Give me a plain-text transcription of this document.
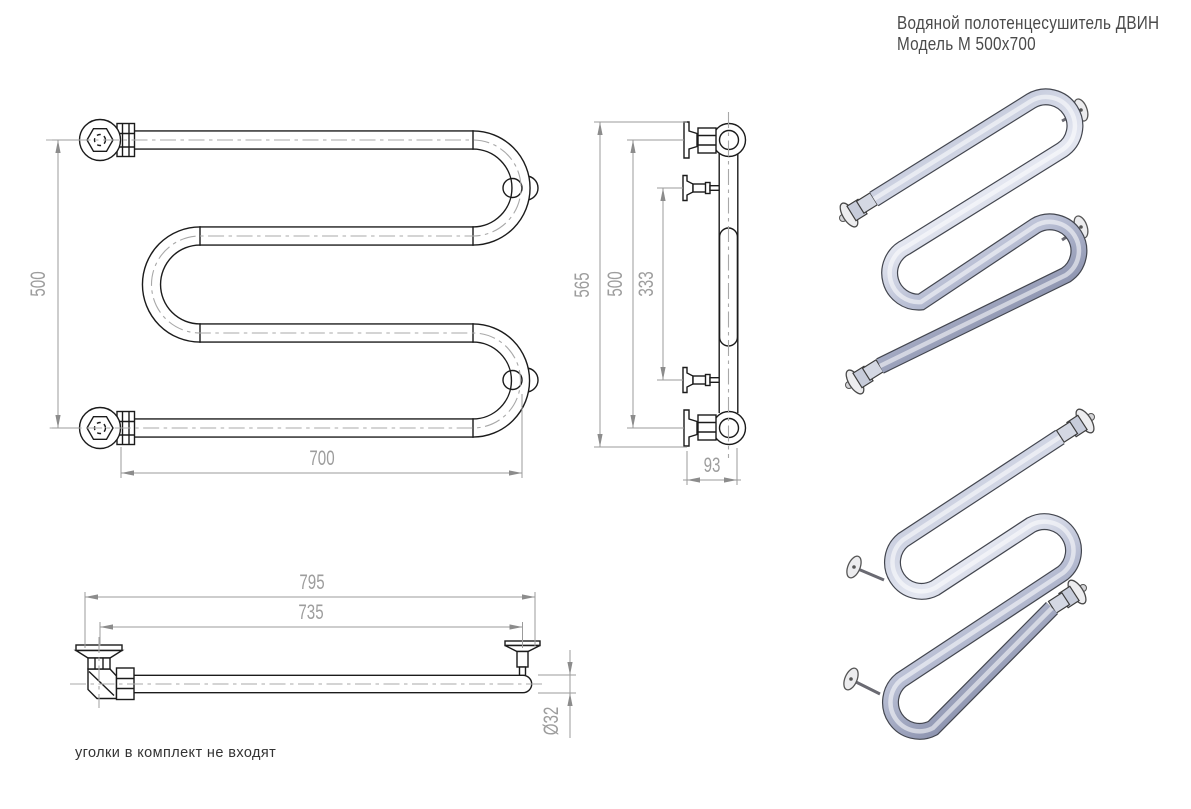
Водяной полотенцесушитель ДВИН
Модель М 500х700
500
700
565 500 333
93
795
735
Ø32
уголки в комплект не входят
